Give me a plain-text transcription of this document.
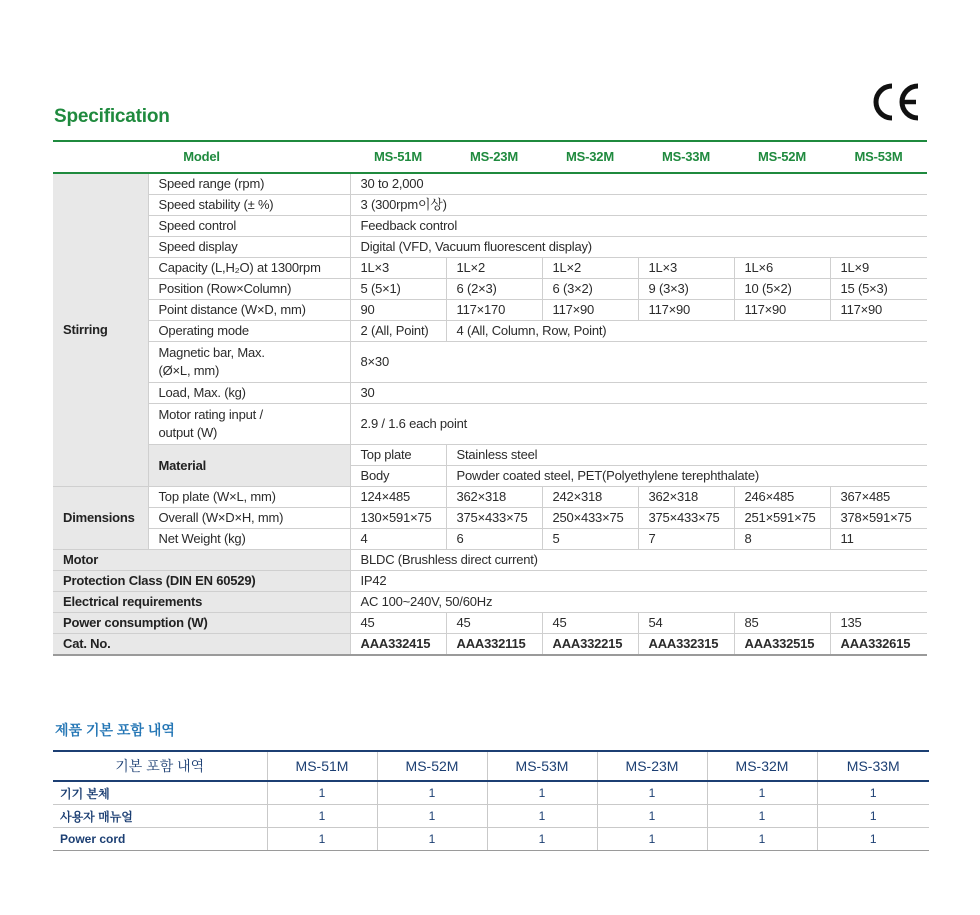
Specification
Model		MS-51M	MS-23M	MS-32M	MS-33M	MS-52M	MS-53M
Stirring	Speed range (rpm)	30 to 2,000					
	Speed stability (± %)	3 (300rpm이상)					
	Speed control	Feedback control					
	Speed display	Digital (VFD, Vacuum fluorescent display)					
	Capacity (L,H₂O) at 1300rpm	1L×3	1L×2	1L×2	1L×3	1L×6	1L×9
	Position (Row×Column)	5 (5×1)	6 (2×3)	6 (3×2)	9 (3×3)	10 (5×2)	15 (5×3)
	Point distance (W×D, mm)	90	117×170	117×90	117×90	117×90	117×90
	Operating mode	2 (All, Point)	4 (All, Column, Row, Point)				
	Magnetic bar, Max.
(Ø×L, mm)	8×30					
	Load, Max. (kg)	30					
	Motor rating input /
output (W)	2.9 / 1.6 each point					
	Material	Top plate	Stainless steel				
		Body	Powder coated steel, PET(Polyethylene terephthalate)				
Dimensions	Top plate (W×L, mm)	124×485	362×318	242×318	362×318	246×485	367×485
	Overall (W×D×H, mm)	130×591×75	375×433×75	250×433×75	375×433×75	251×591×75	378×591×75
	Net Weight (kg)	4	6	5	7	8	11
Motor		BLDC (Brushless direct current)					
Protection Class (DIN EN 60529)		IP42					
Electrical requirements		AC 100~240V, 50/60Hz					
Power consumption (W)		45	45	45	54	85	135
Cat. No.		AAA332415	AAA332115	AAA332215	AAA332315	AAA332515	AAA332615
제품 기본 포함 내역
기본 포함 내역	MS-51M	MS-52M	MS-53M	MS-23M	MS-32M	MS-33M
기기 본체	1	1	1	1	1	1
사용자 매뉴얼	1	1	1	1	1	1
Power cord	1	1	1	1	1	1
